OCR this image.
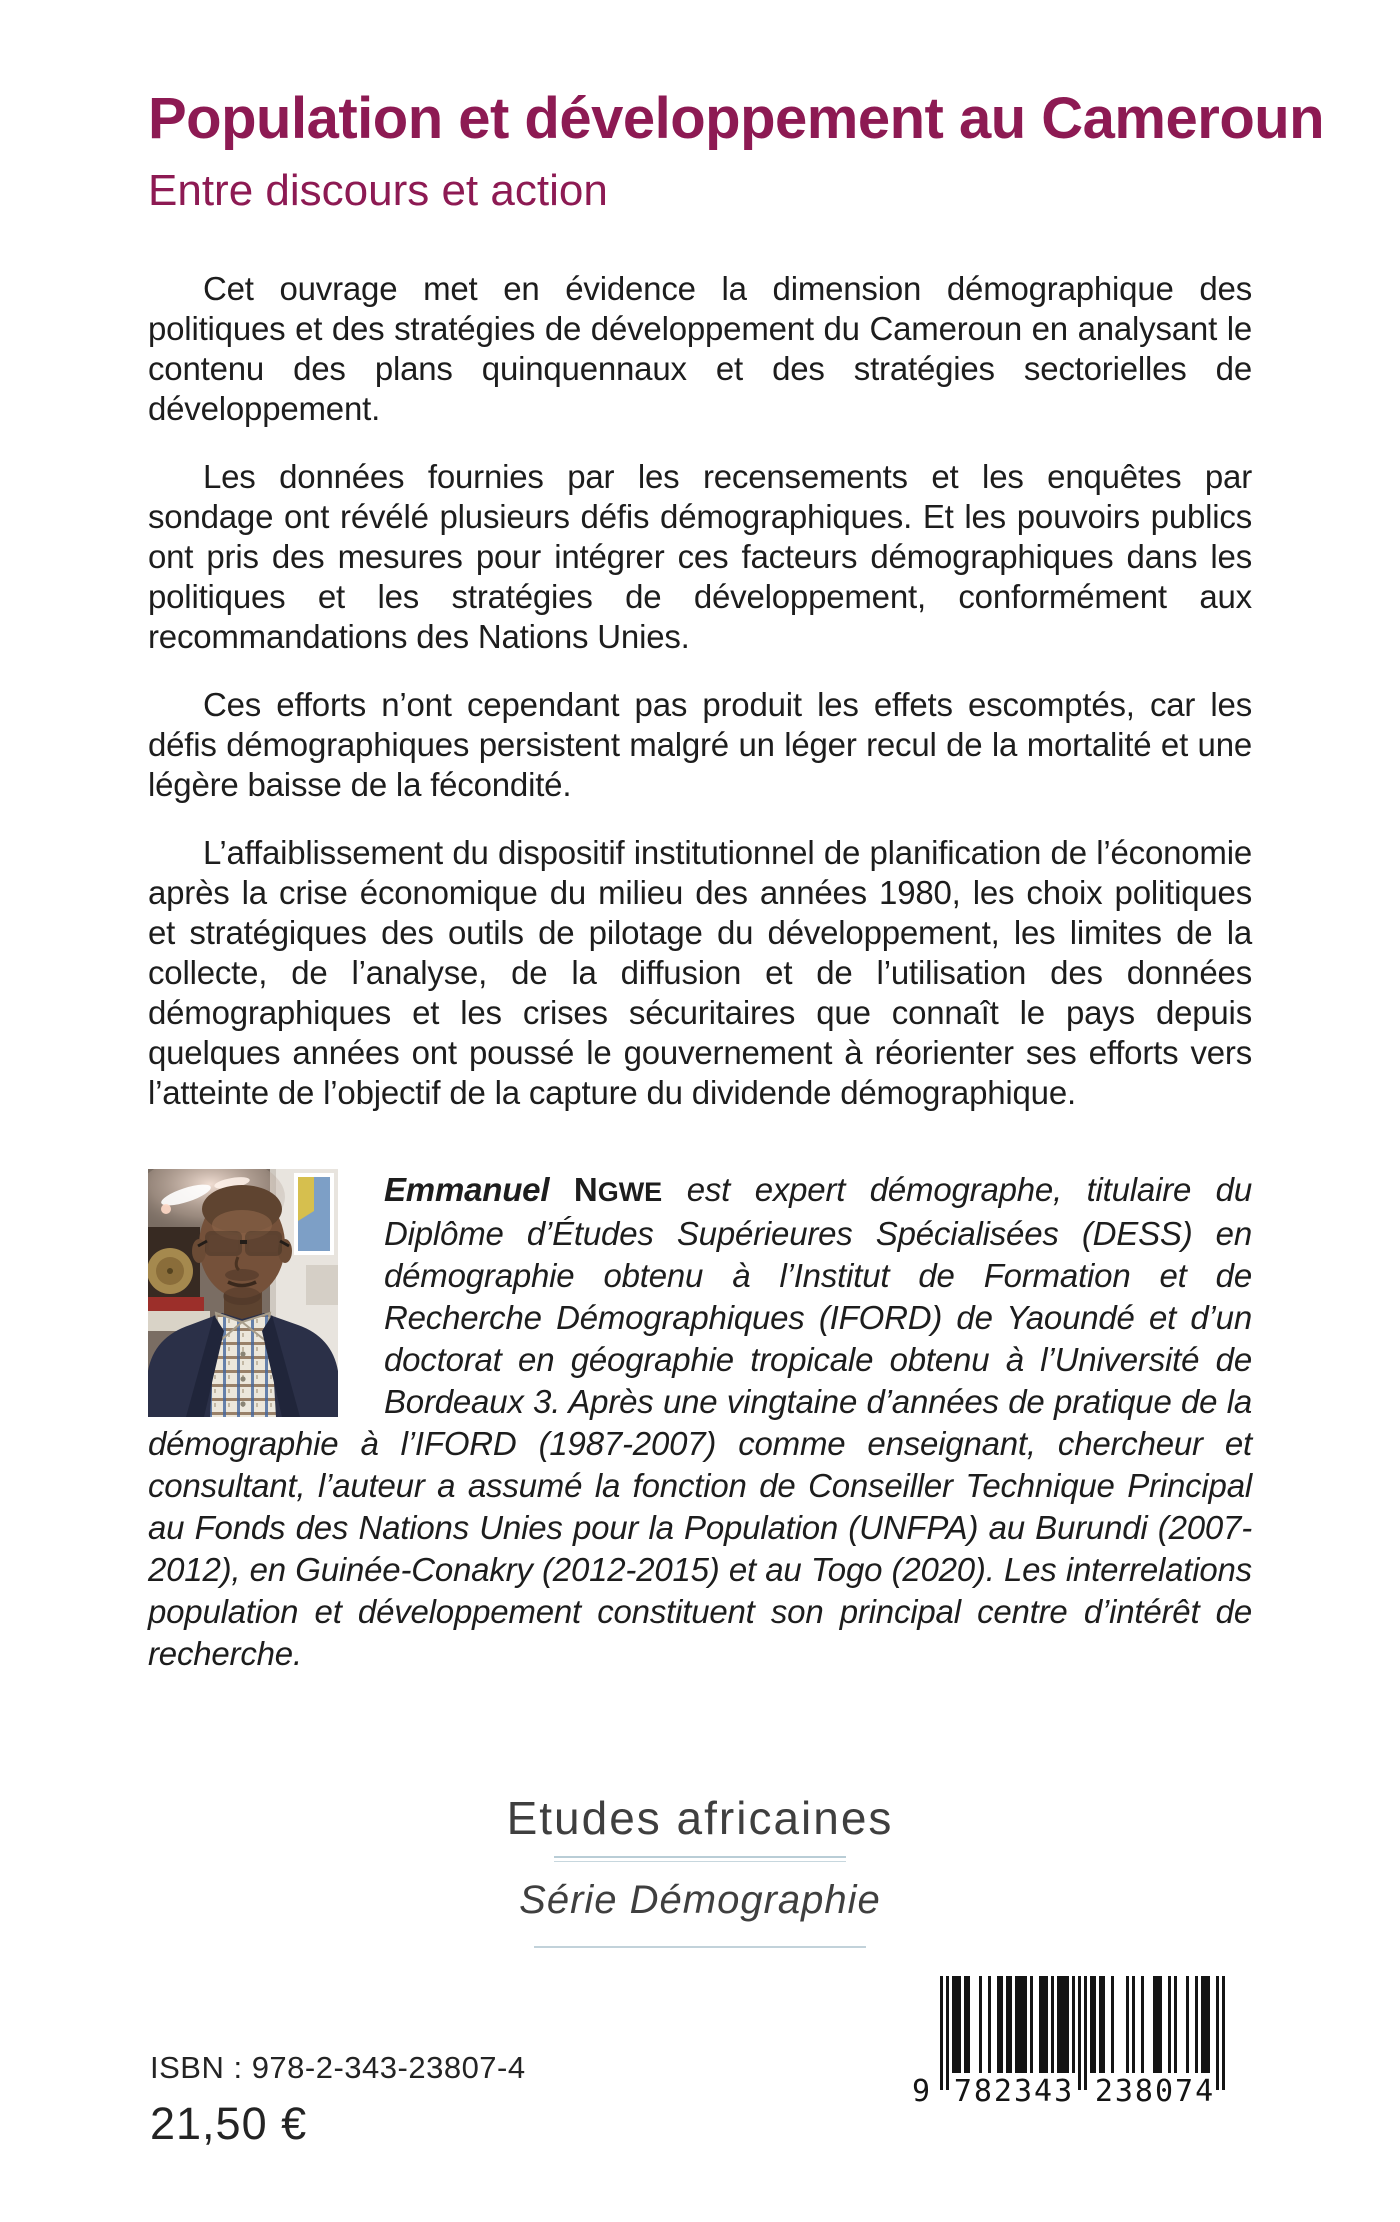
Population et développement au Cameroun
Entre discours et action

Cet ouvrage met en évidence la dimension démographique des politiques et des stratégies de développement du Cameroun en analysant le contenu des plans quinquennaux et des stratégies sectorielles de développement.

Les données fournies par les recensements et les enquêtes par sondage ont révélé plusieurs défis démographiques. Et les pouvoirs publics ont pris des mesures pour intégrer ces facteurs démographiques dans les politiques et les stratégies de développement, conformément aux recommandations des Nations Unies.

Ces efforts n’ont cependant pas produit les effets escomptés, car les défis démographiques persistent malgré un léger recul de la mortalité et une légère baisse de la fécondité.

L’affaiblissement du dispositif institutionnel de planification de l’économie après la crise économique du milieu des années 1980, les choix politiques et stratégiques des outils de pilotage du développement, les limites de la collecte, de l’analyse, de la diffusion et de l’utilisation des données démographiques et les crises sécuritaires que connaît le pays depuis quelques années ont poussé le gouvernement à réorienter ses efforts vers l’atteinte de l’objectif de la capture du dividende démographique.

Emmanuel NGWE est expert démographe, titulaire du Diplôme d’Études Supérieures Spécialisées (DESS) en démographie obtenu à l’Institut de Formation et de Recherche Démographiques (IFORD) de Yaoundé et d’un doctorat en géographie tropicale obtenu à l’Université de Bordeaux 3. Après une vingtaine d’années de pratique de la démographie à l’IFORD (1987-2007) comme enseignant, chercheur et consultant, l’auteur a assumé la fonction de Conseiller Technique Principal au Fonds des Nations Unies pour la Population (UNFPA) au Burundi (2007-2012), en Guinée-Conakry (2012-2015) et au Togo (2020). Les interrelations population et développement constituent son principal centre d’intérêt de recherche.

Etudes africaines
Série Démographie
ISBN : 978-2-343-23807-4
21,50 €
9 782343 238074
